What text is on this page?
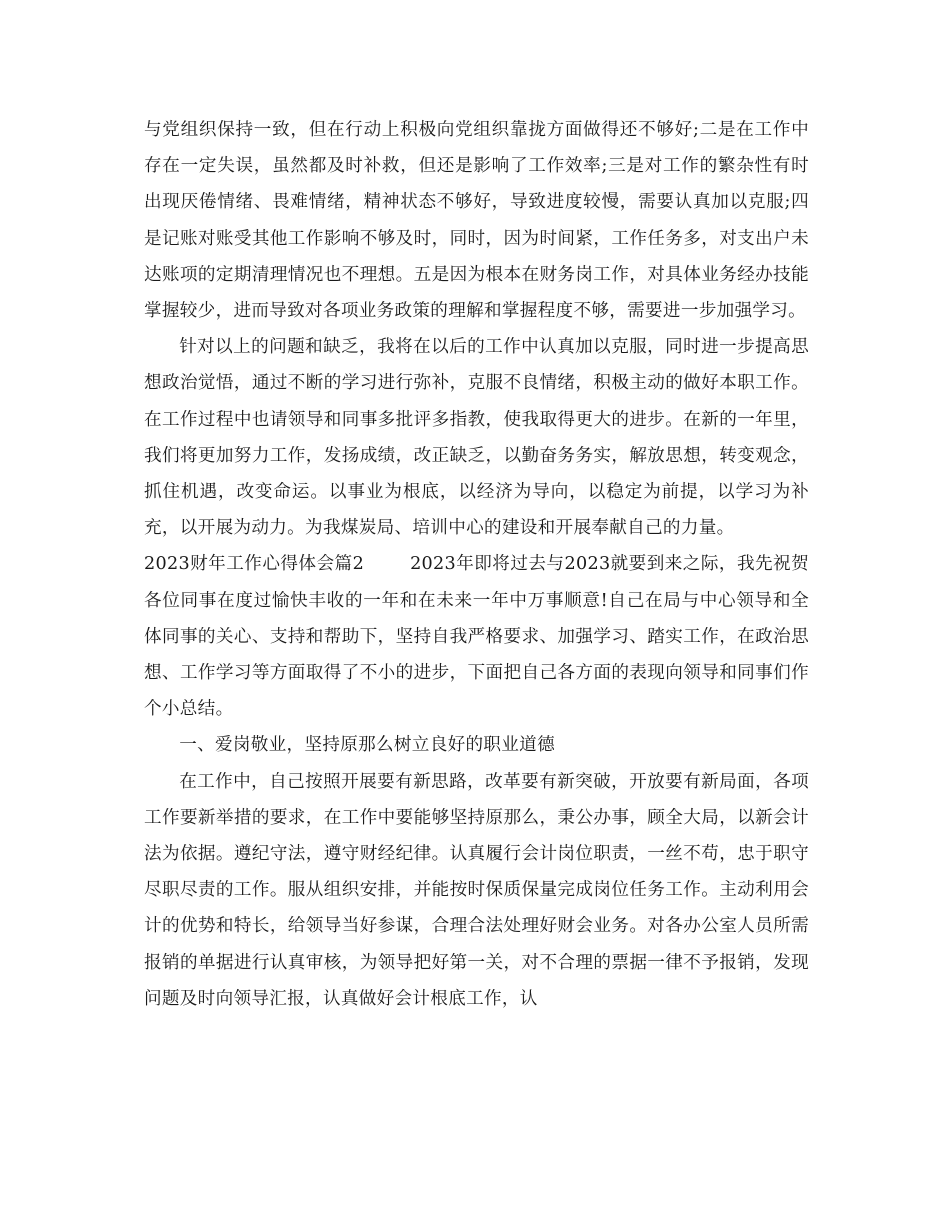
与党组织保持一致，但在行动上积极向党组织靠拢方面做得还不够好;二是在工作中存在一定失误，虽然都及时补救，但还是影响了工作效率;三是对工作的繁杂性有时出现厌倦情绪、畏难情绪，精神状态不够好，导致进度较慢，需要认真加以克服;四是记账对账受其他工作影响不够及时，同时，因为时间紧，工作任务多，对支出户未达账项的定期清理情况也不理想。五是因为根本在财务岗工作，对具体业务经办技能掌握较少，进而导致对各项业务政策的理解和掌握程度不够，需要进一步加强学习。

针对以上的问题和缺乏，我将在以后的工作中认真加以克服，同时进一步提高思想政治觉悟，通过不断的学习进行弥补，克服不良情绪，积极主动的做好本职工作。在工作过程中也请领导和同事多批评多指教，使我取得更大的进步。在新的一年里，我们将更加努力工作，发扬成绩，改正缺乏，以勤奋务务实，解放思想，转变观念，抓住机遇，改变命运。以事业为根底，以经济为导向，以稳定为前提，以学习为补充，以开展为动力。为我煤炭局、培训中心的建设和开展奉献自己的力量。

2023财年工作心得体会篇2	2023年即将过去与2023就要到来之际，我先祝贺各位同事在度过愉快丰收的一年和在未来一年中万事顺意!自己在局与中心领导和全体同事的关心、支持和帮助下，坚持自我严格要求、加强学习、踏实工作，在政治思想、工作学习等方面取得了不小的进步，下面把自己各方面的表现向领导和同事们作个小总结。

一、爱岗敬业，坚持原那么树立良好的职业道德

在工作中，自己按照开展要有新思路，改革要有新突破，开放要有新局面，各项工作要新举措的要求，在工作中要能够坚持原那么，秉公办事，顾全大局，以新会计法为依据。遵纪守法，遵守财经纪律。认真履行会计岗位职责，一丝不苟，忠于职守尽职尽责的工作。服从组织安排，并能按时保质保量完成岗位任务工作。主动利用会计的优势和特长，给领导当好参谋，合理合法处理好财会业务。对各办公室人员所需报销的单据进行认真审核，为领导把好第一关，对不合理的票据一律不予报销，发现问题及时向领导汇报，认真做好会计根底工作，认
